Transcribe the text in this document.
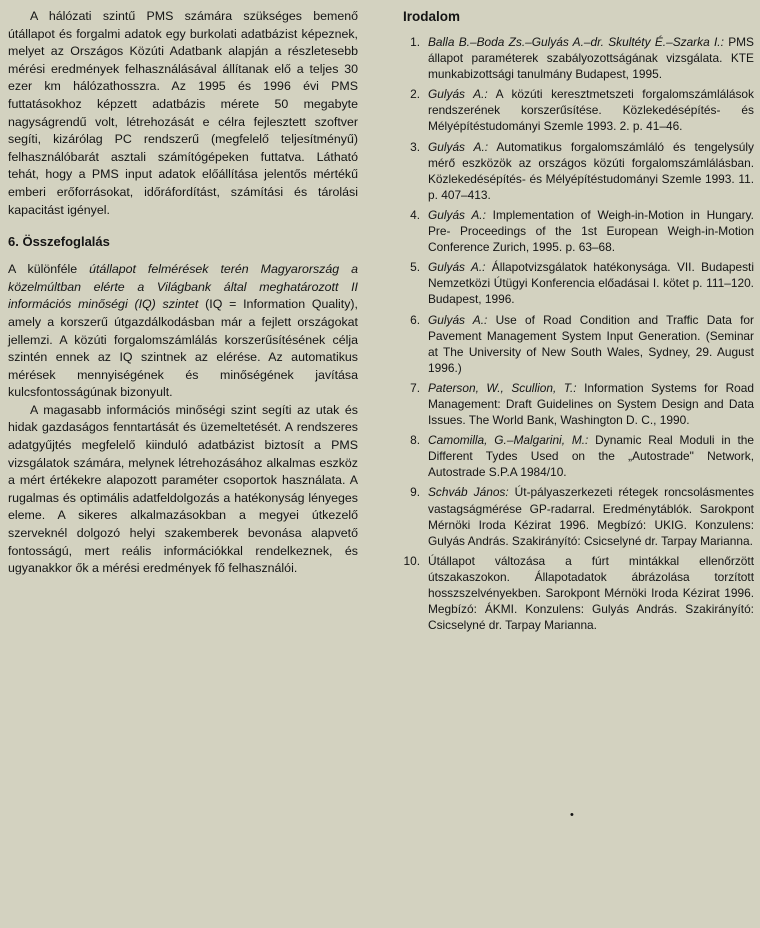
A hálózati szintű PMS számára szükséges bemenő útállapot és forgalmi adatok egy burkolati adatbázist képeznek, melyet az Országos Közúti Adatbank alapján a részletesebb mérési eredmények felhasználásával állítanak elő a teljes 30 ezer km hálózathosszra. Az 1995 és 1996 évi PMS futtatásokhoz képzett adatbázis mérete 50 megabyte nagyságrendű volt, létrehozását e célra fejlesztett szoftver segíti, kizárólag PC rendszerű (megfelelő teljesítményű) felhasználóbarát asztali számítógépeken futtatva. Látható tehát, hogy a PMS input adatok előállítása jelentős mértékű emberi erőforrásokat, időráfordítást, számítási és tárolási kapacitást igényel.

6. Összefoglalás

A különféle útállapot felmérések terén Magyarország a közelmúltban elérte a Világbank által meghatározott II információs minőségi (IQ) szintet (IQ = Information Quality), amely a korszerű útgazdálkodásban már a fejlett országokat jellemzi. A közúti forgalomszámlálás korszerűsítésének célja szintén ennek az IQ szintnek az elérése. Az automatikus mérések mennyiségének és minőségének javítása kulcsfontosságúnak bizonyult.

A magasabb információs minőségi szint segíti az utak és hidak gazdaságos fenntartását és üzemeltetését. A rendszeres adatgyűjtés megfelelő kiinduló adatbázist biztosít a PMS vizsgálatok számára, melynek létrehozásához alkalmas eszköz a mért értékekre alapozott paraméter csoportok használata. A rugalmas és optimális adatfeldolgozás a hatékonyság lényeges eleme. A sikeres alkalmazásokban a megyei útkezelő szerveknél dolgozó helyi szakemberek bevonása alapvető fontosságú, mert reális információkkal rendelkeznek, és ugyanakkor ők a mérési eredmények fő felhasználói.

Irodalom
1. Balla B.–Boda Zs.–Gulyás A.–dr. Skultéty É.–Szarka I.: PMS állapot paraméterek szabályozottságának vizsgálata. KTE munkabizottsági tanulmány Budapest, 1995.
2. Gulyás A.: A közúti keresztmetszeti forgalomszámlálások rendszerének korszerűsítése. Közlekedésépítés- és Mélyépítéstudományi Szemle 1993. 2. p. 41–46.
3. Gulyás A.: Automatikus forgalomszámláló és tengelysúly mérő eszközök az országos közúti forgalomszámlálásban. Közlekedésépítés- és Mélyépítéstudományi Szemle 1993. 11. p. 407–413.
4. Gulyás A.: Implementation of Weigh-in-Motion in Hungary. Pre- Proceedings of the 1st European Weigh-in-Motion Conference Zurich, 1995. p. 63–68.
5. Gulyás A.: Állapotvizsgálatok hatékonysága. VII. Budapesti Nemzetközi Útügyi Konferencia előadásai I. kötet p. 111–120. Budapest, 1996.
6. Gulyás A.: Use of Road Condition and Traffic Data for Pavement Management System Input Generation. (Seminar at The University of New South Wales, Sydney, 29. August 1996.)
7. Paterson, W., Scullion, T.: Information Systems for Road Management: Draft Guidelines on System Design and Data Issues. The World Bank, Washington D. C., 1990.
8. Camomilla, G.–Malgarini, M.: Dynamic Real Moduli in the Different Tydes Used on the „Autostrade" Network, Autostrade S.P.A 1984/10.
9. Schváb János: Út-pályaszerkezeti rétegek roncsolásmentes vastagságmérése GP-radarral. Eredménytáblók. Sarokpont Mérnöki Iroda Kézirat 1996. Megbízó: UKIG. Konzulens: Gulyás András. Szakirányító: Csicselyné dr. Tarpay Marianna.
10. Útállapot változása a fúrt mintákkal ellenőrzött útszakaszokon. Állapotadatok ábrázolása torzított hosszszelvényekben. Sarokpont Mérnöki Iroda Kézirat 1996. Megbízó: ÁKMI. Konzulens: Gulyás András. Szakirányító: Csicselyné dr. Tarpay Marianna.
•
